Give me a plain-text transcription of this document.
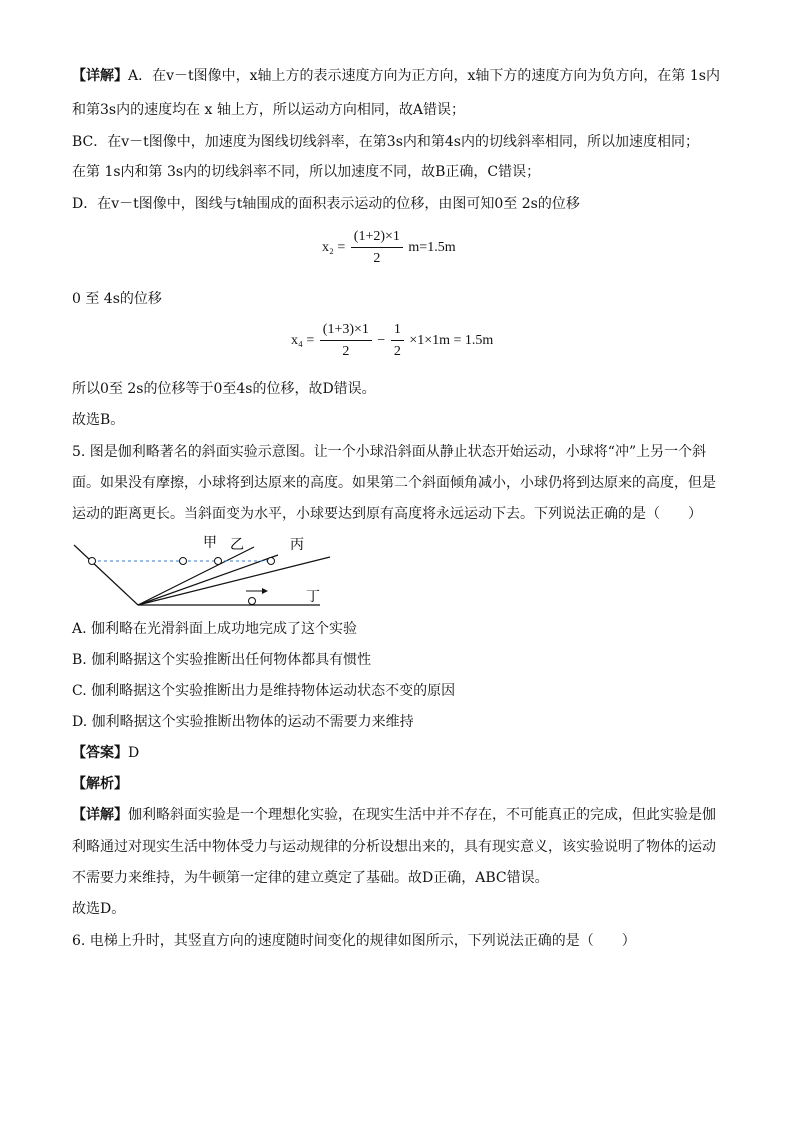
【详解】A．在v－t图像中，x轴上方的表示速度方向为正方向，x轴下方的速度方向为负方向，在第 1s内
和第3s内的速度均在 x 轴上方，所以运动方向相同，故A错误；
BC．在v－t图像中，加速度为图线切线斜率，在第3s内和第4s内的切线斜率相同，所以加速度相同；
在第 1s内和第 3s内的切线斜率不同，所以加速度不同，故B正确，C错误；
D．在v－t图像中，图线与t轴围成的面积表示运动的位移，由图可知0至 2s的位移
$x_2 = \frac{(1+2)\times 1}{2} m=1.5m$
0 至 4s的位移
$x_4 = \frac{(1+3)\times 1}{2} - \frac{1}{2} \times 1\times 1m = 1.5m$
所以0至 2s的位移等于0至4s的位移，故D错误。
故选B。
5. 图是伽利略著名的斜面实验示意图。让一个小球沿斜面从静止状态开始运动，小球将“冲”上另一个斜
面。如果没有摩擦，小球将到达原来的高度。如果第二个斜面倾角减小，小球仍将到达原来的高度，但是
运动的距离更长。当斜面变为水平，小球要达到原有高度将永远运动下去。下列说法正确的是（　　）
甲 乙	丙
丁
A. 伽利略在光滑斜面上成功地完成了这个实验
B. 伽利略据这个实验推断出任何物体都具有惯性
C. 伽利略据这个实验推断出力是维持物体运动状态不变的原因
D. 伽利略据这个实验推断出物体的运动不需要力来维持
【答案】D
【解析】
【详解】伽利略斜面实验是一个理想化实验，在现实生活中并不存在，不可能真正的完成，但此实验是伽
利略通过对现实生活中物体受力与运动规律的分析设想出来的，具有现实意义，该实验说明了物体的运动
不需要力来维持，为牛顿第一定律的建立奠定了基础。故D正确，ABC错误。
故选D。
6. 电梯上升时，其竖直方向的速度随时间变化的规律如图所示，下列说法正确的是（　　）
